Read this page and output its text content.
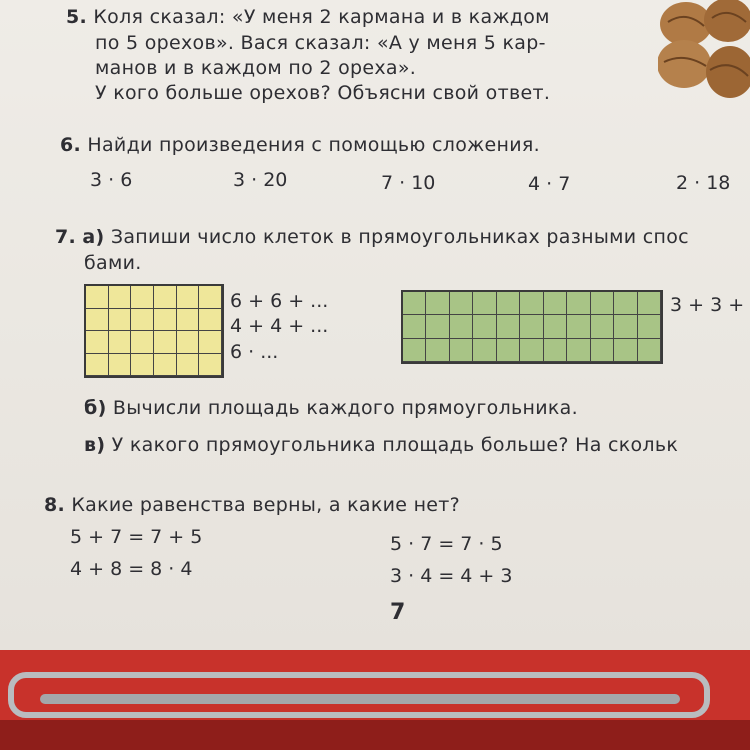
5. Коля сказал: «У меня 2 кармана и в каждом
по 5 орехов». Вася сказал: «А у меня 5 кар-
манов и в каждом по 2 ореха».
У кого больше орехов? Объясни свой ответ.
6. Найди произведения с помощью сложения.
3 · 6	3 · 20	7 · 10	4 · 7	2 · 18
7. а) Запиши число клеток в прямоугольниках разными спос
бами.
6 + 6 + ...
4 + 4 + ...
6 · ...
3 + 3 +
б) Вычисли площадь каждого прямоугольника.
в) У какого прямоугольника площадь больше? На скольк
8. Какие равенства верны, а какие нет?
5 + 7 = 7 + 5
4 + 8 = 8 · 4
5 · 7 = 7 · 5
3 · 4 = 4 + 3
7
